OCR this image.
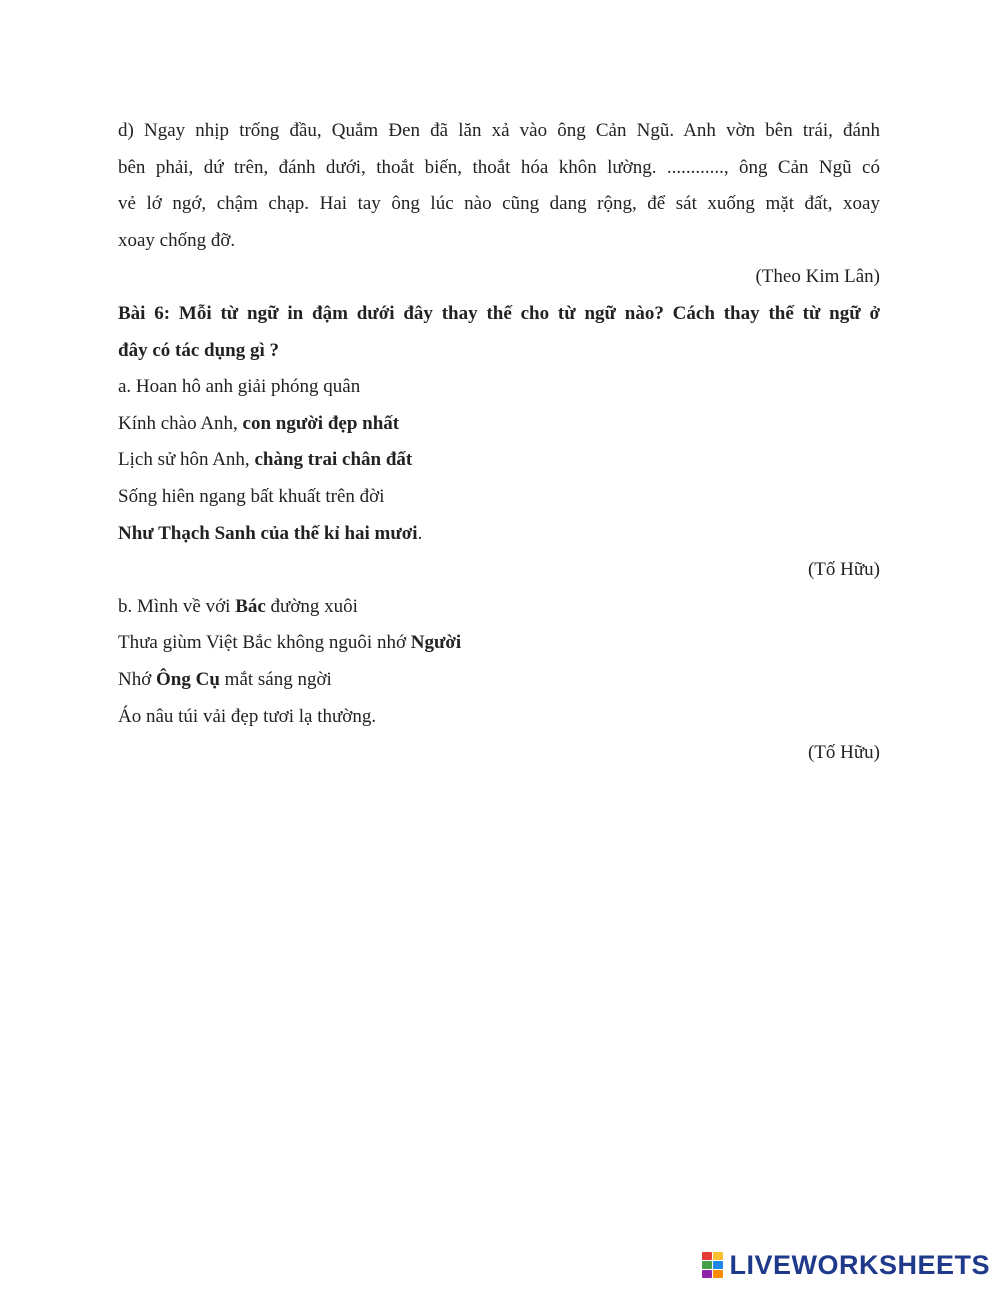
d) Ngay nhịp trống đầu, Quắm Đen đã lăn xả vào ông Cản Ngũ. Anh vờn bên trái, đánh
bên phải, dứ trên, đánh dưới, thoắt biến, thoắt hóa khôn lường. ............, ông Cản Ngũ có
vẻ lớ ngớ, chậm chạp. Hai tay ông lúc nào cũng dang rộng, để sát xuống mặt đất, xoay
xoay chống đỡ.

(Theo Kim Lân)
Bài 6: Mỗi từ ngữ in đậm dưới đây thay thế cho từ ngữ nào? Cách thay thế từ ngữ ở
đây có tác dụng gì ?
a. Hoan hô anh giải phóng quân
Kính chào Anh, con người đẹp nhất
Lịch sử hôn Anh, chàng trai chân đất
Sống hiên ngang bất khuất trên đời
Như Thạch Sanh của thế kỉ hai mươi.
(Tố Hữu)
b. Mình về với Bác đường xuôi
Thưa giùm Việt Bắc không nguôi nhớ Người
Nhớ Ông Cụ mắt sáng ngời
Áo nâu túi vải đẹp tươi lạ thường.
(Tố Hữu)
LIVEWORKSHEETS
